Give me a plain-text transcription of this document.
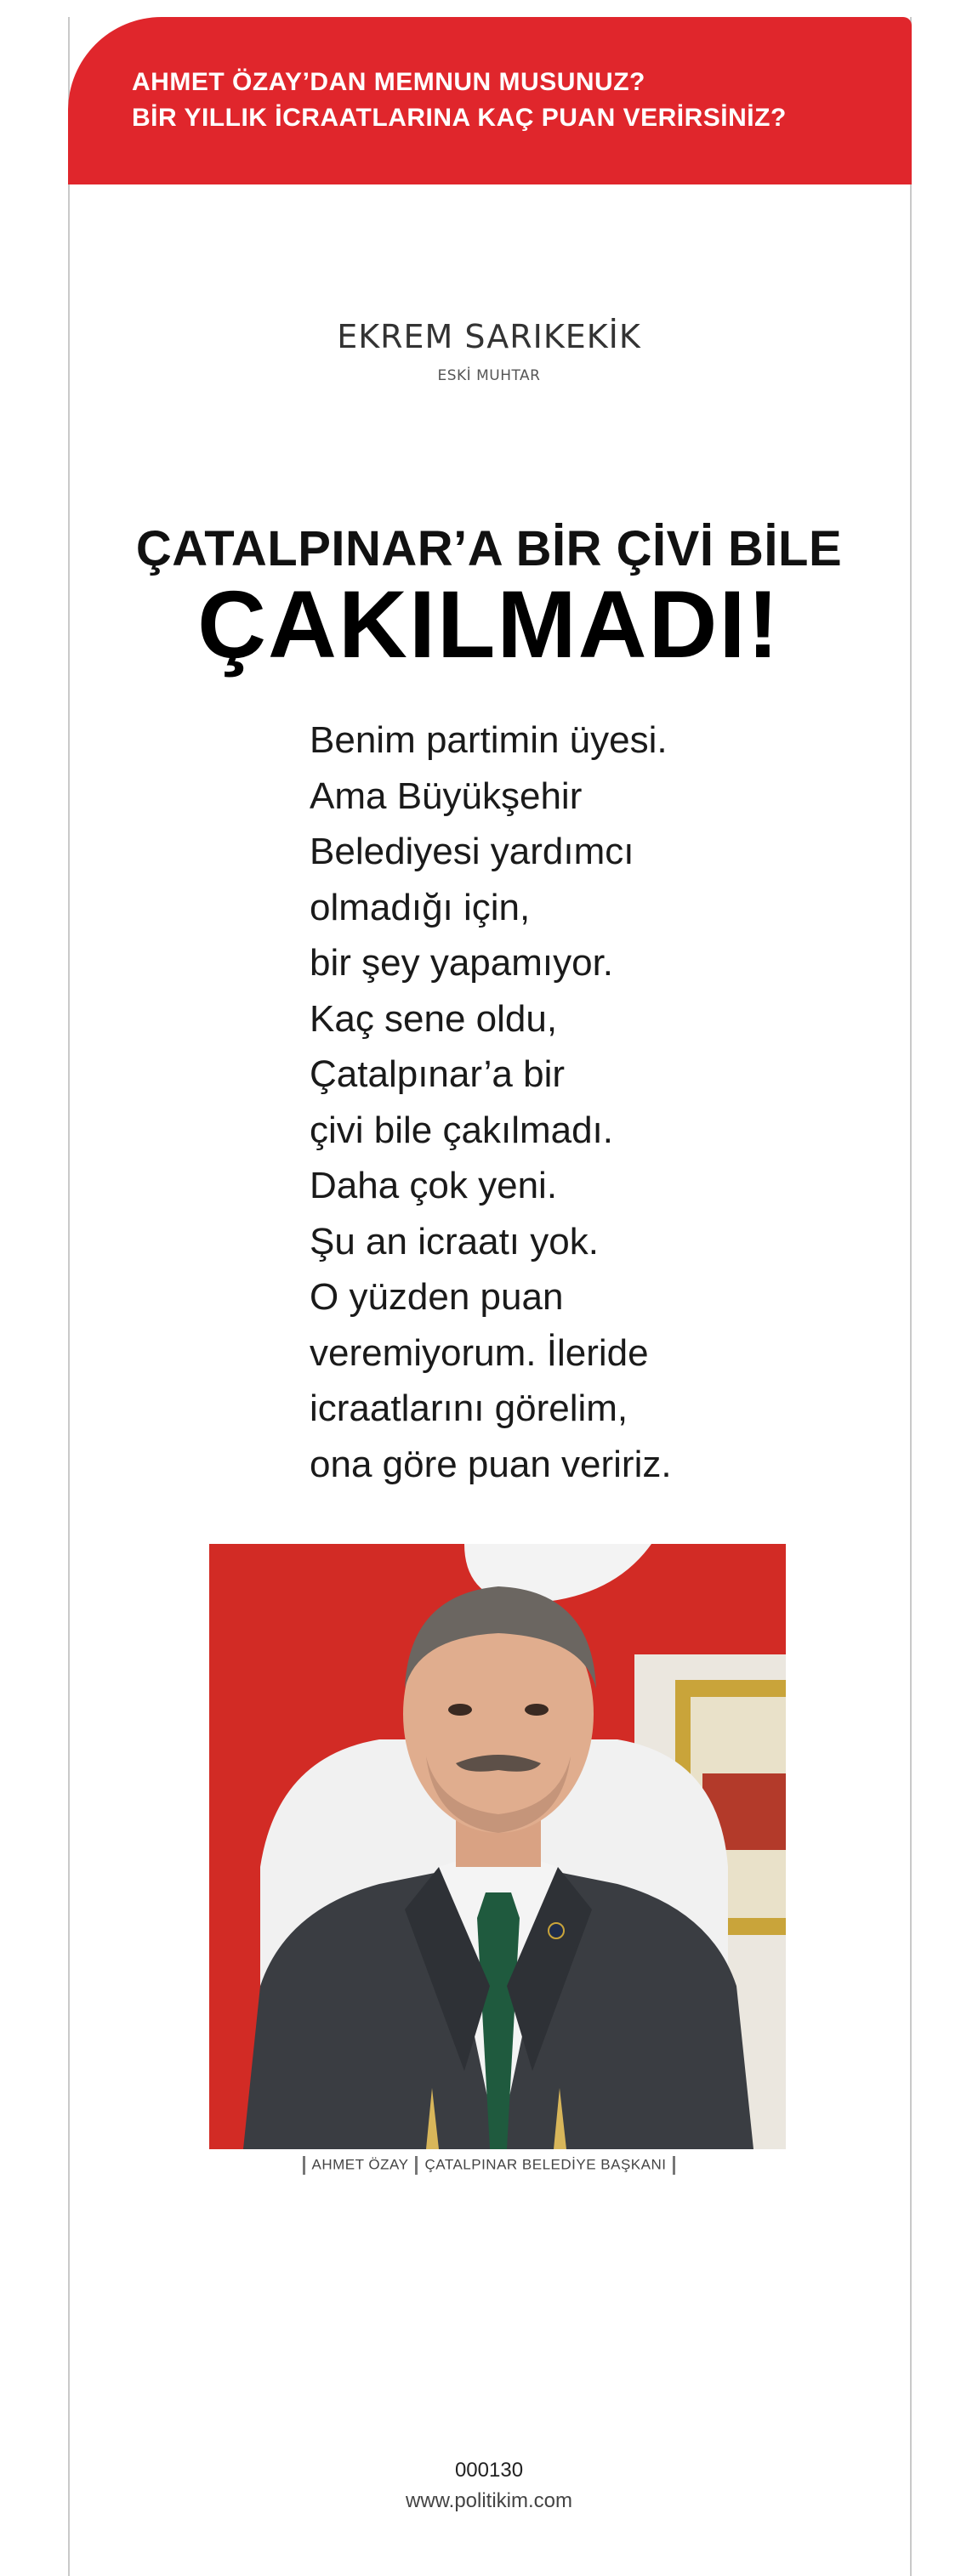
AHMET ÖZAY’DAN MEMNUN MUSUNUZ?
BİR YILLIK İCRAATLARINA KAÇ PUAN VERİRSİNİZ?
EKREM SARIKEKİK
ESKİ MUHTAR
ÇATALPINAR’A BİR ÇİVİ BİLE
ÇAKILMADI!
Benim partimin üyesi.
Ama Büyükşehir
Belediyesi yardımcı
olmadığı için,
bir şey yapamıyor.
Kaç sene oldu,
Çatalpınar’a bir
çivi bile çakılmadı.
Daha çok yeni.
Şu an icraatı yok.
O yüzden puan
veremiyorum. İleride
icraatlarını görelim,
ona göre puan veririz.
AHMET ÖZAY ÇATALPINAR BELEDİYE BAŞKANI
000130
www.politikim.com
